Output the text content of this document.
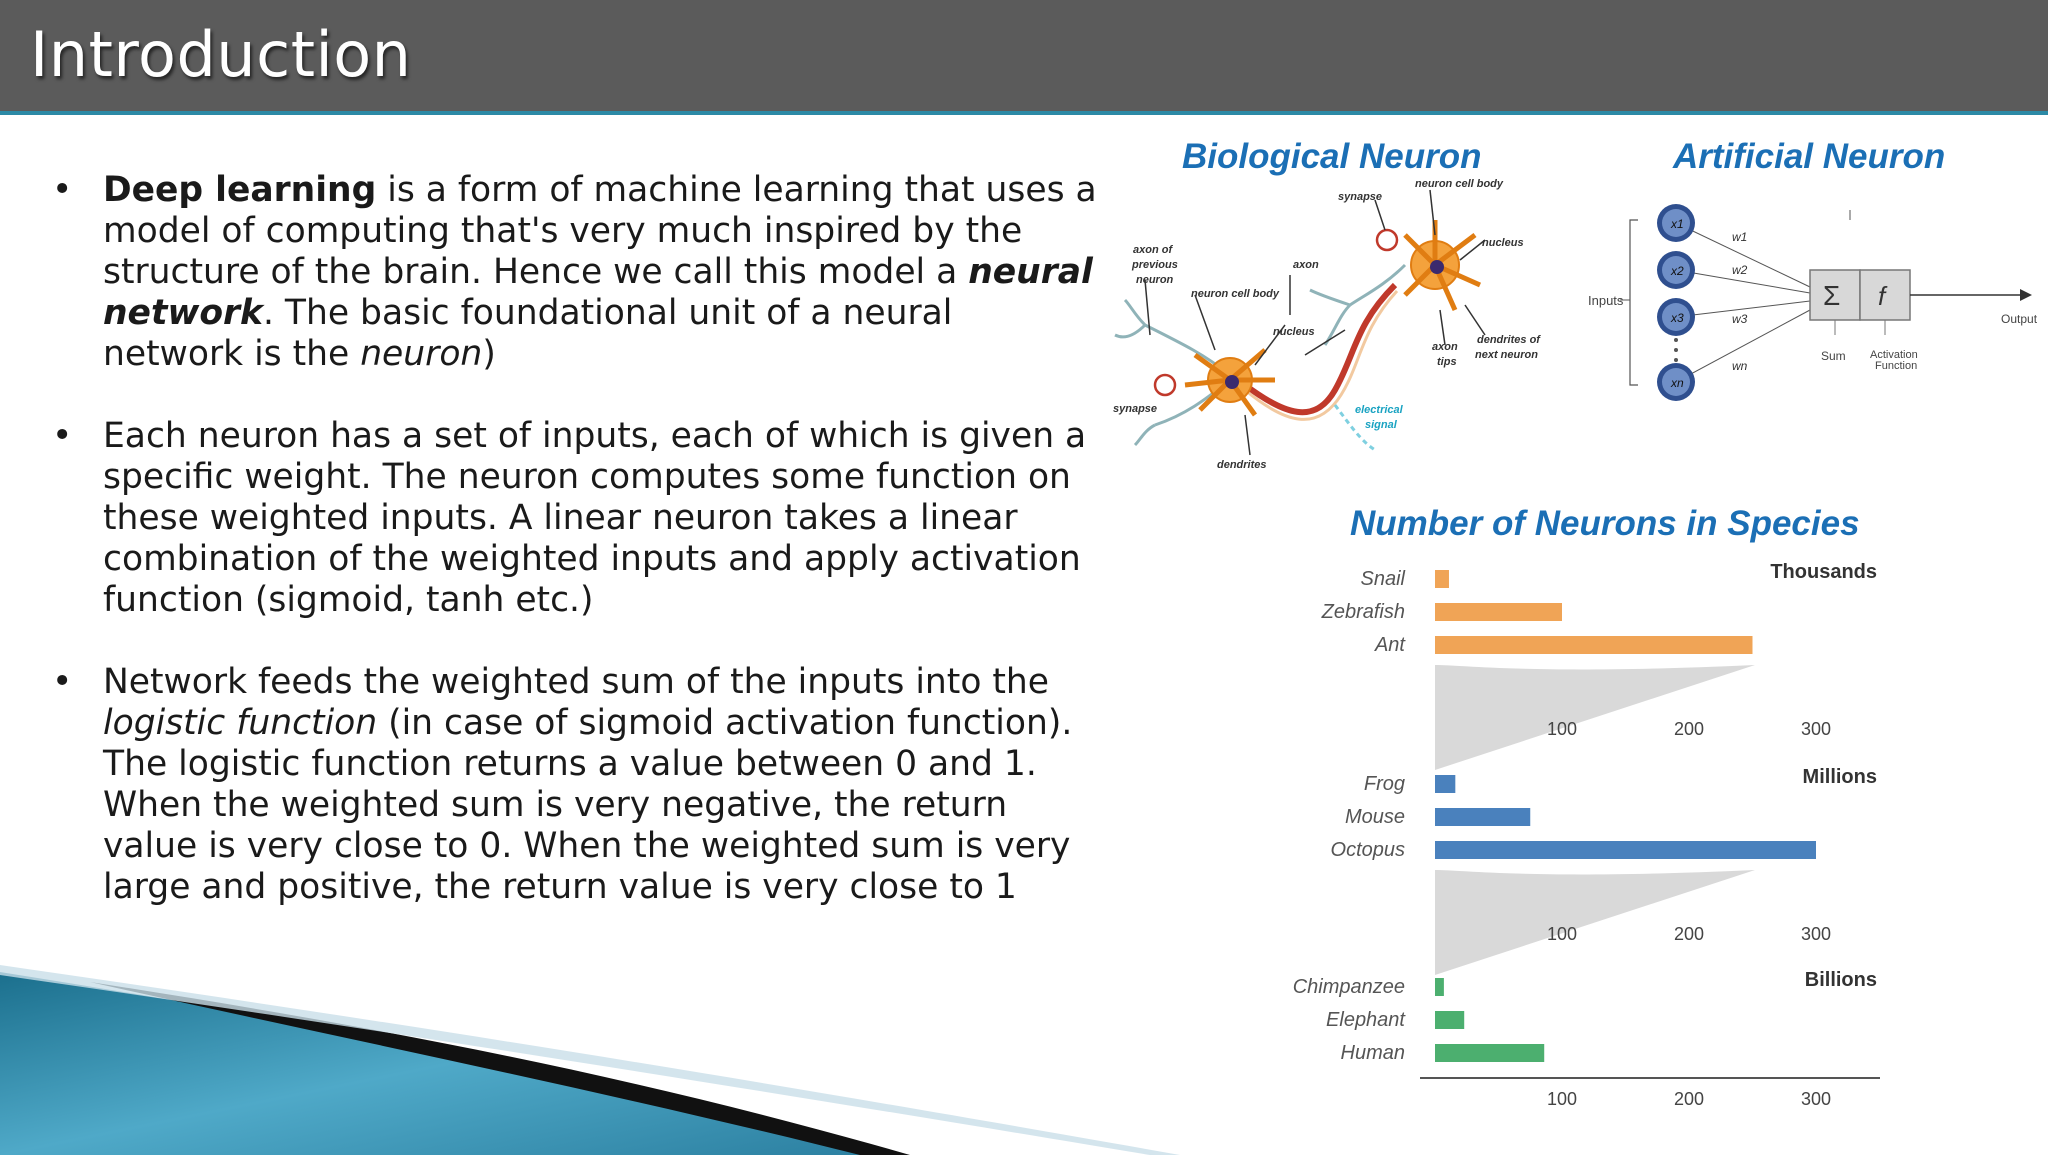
Introduction
• Deep learning is a form of machine learning that uses a model of computing that's very much inspired by the structure of the brain. Hence we call this model a neural network. The basic foundational unit of a neural network is the neuron)
• Each neuron has a set of inputs, each of which is given a specific weight. The neuron computes some function on these weighted inputs. A linear neuron takes a linear combination of the weighted inputs and apply activation function (sigmoid, tanh etc.)
• Network feeds the weighted sum of the inputs into the logistic function (in case of sigmoid activation function). The logistic function returns a value between 0 and 1. When the weighted sum is very negative, the return value is very close to 0. When the weighted sum is very large and positive, the return value is very close to 1
Biological Neuron	Artificial Neuron
Number of Neurons in Species
neuron cell body
synapse
nucleus
axon of
previous
neuron
axon
neuron cell body
nucleus
axon
tips
dendrites of
next neuron
synapse	electrical
signal
dendrites
Inputs
x1
x2
x3
xn
w1
w2
w3
wn
Σ f
Sum Activation
Function
Output
Thousands
Snail
Zebrafish
Ant
100	200	300
Millions
Frog
Mouse
Octopus
100	200	300
Billions
Chimpanzee
Elephant
Human
100	200	300
